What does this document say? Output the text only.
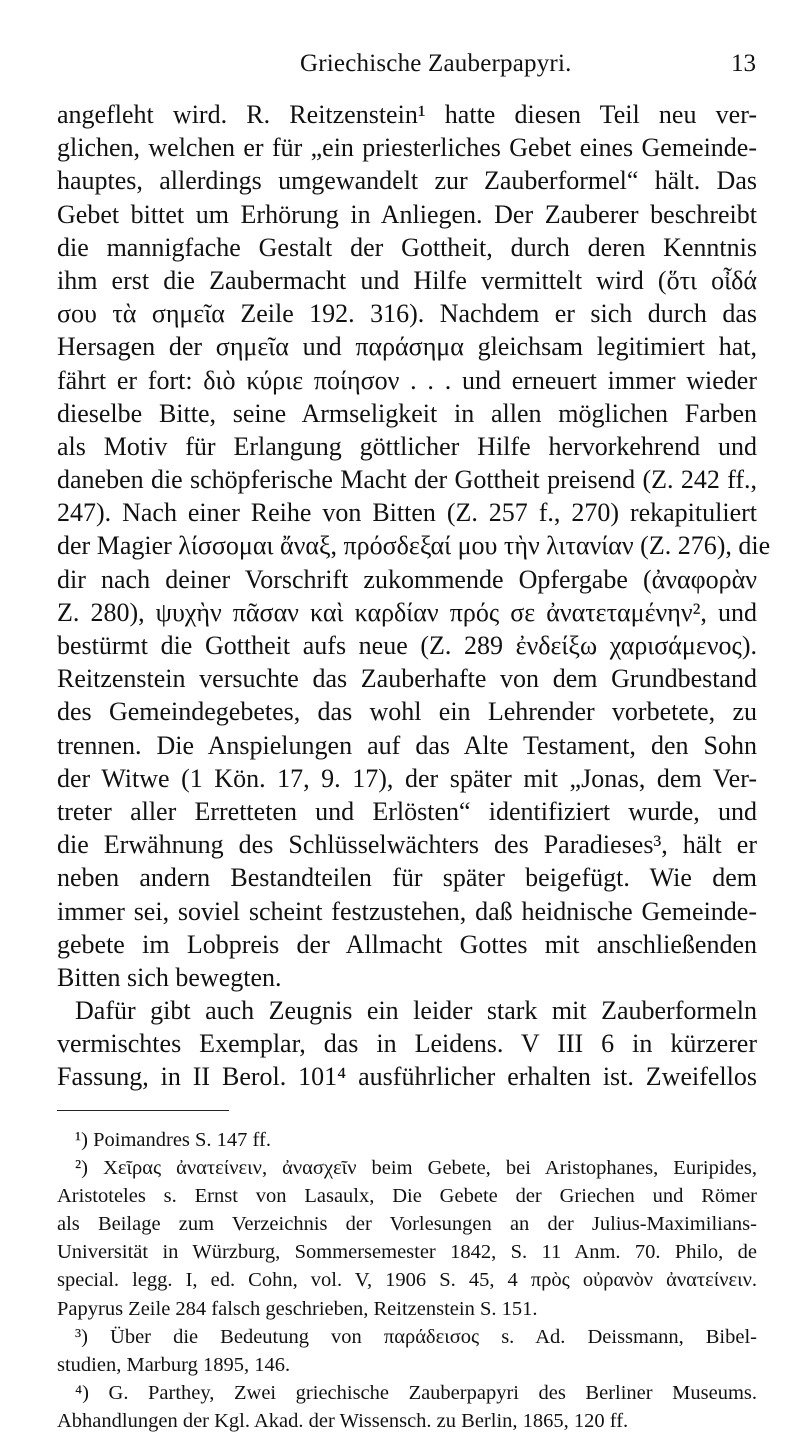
Griechische Zauberpapyri.	13
angefleht wird. R. Reitzenstein¹ hatte diesen Teil neu ver-
glichen, welchen er für „ein priesterliches Gebet eines Gemeinde-
hauptes, allerdings umgewandelt zur Zauberformel“ hält. Das
Gebet bittet um Erhörung in Anliegen. Der Zauberer beschreibt
die mannigfache Gestalt der Gottheit, durch deren Kenntnis
ihm erst die Zaubermacht und Hilfe vermittelt wird (ὅτι οἶδά
σου τὰ σημεῖα Zeile 192. 316). Nachdem er sich durch das
Hersagen der σημεῖα und παράσημα gleichsam legitimiert hat,
fährt er fort: διὸ κύριε ποίησον . . . und erneuert immer wieder
dieselbe Bitte, seine Armseligkeit in allen möglichen Farben
als Motiv für Erlangung göttlicher Hilfe hervorkehrend und
daneben die schöpferische Macht der Gottheit preisend (Z. 242 ff.,
247). Nach einer Reihe von Bitten (Z. 257 f., 270) rekapituliert
der Magier λίσσομαι ἄναξ, πρόσδεξαί μου τὴν λιτανίαν (Z. 276), die
dir nach deiner Vorschrift zukommende Opfergabe (ἀναφορὰν
Z. 280), ψυχὴν πᾶσαν καὶ καρδίαν πρός σε ἀνατεταμένην², und
bestürmt die Gottheit aufs neue (Z. 289 ἐνδείξω χαρισάμενος).
Reitzenstein versuchte das Zauberhafte von dem Grundbestand
des Gemeindegebetes, das wohl ein Lehrender vorbetete, zu
trennen. Die Anspielungen auf das Alte Testament, den Sohn
der Witwe (1 Kön. 17, 9. 17), der später mit „Jonas, dem Ver-
treter aller Erretteten und Erlösten“ identifiziert wurde, und
die Erwähnung des Schlüsselwächters des Paradieses³, hält er
neben andern Bestandteilen für später beigefügt. Wie dem
immer sei, soviel scheint festzustehen, daß heidnische Gemeinde-
gebete im Lobpreis der Allmacht Gottes mit anschließenden
Bitten sich bewegten.
Dafür gibt auch Zeugnis ein leider stark mit Zauberformeln
vermischtes Exemplar, das in Leidens. V III 6 in kürzerer
Fassung, in II Berol. 101⁴ ausführlicher erhalten ist. Zweifellos
¹) Poimandres S. 147 ff.
²) Χεῖρας ἀνατείνειν, ἀνασχεῖν beim Gebete, bei Aristophanes, Euripides,
Aristoteles s. Ernst von Lasaulx, Die Gebete der Griechen und Römer
als Beilage zum Verzeichnis der Vorlesungen an der Julius-Maximilians-
Universität in Würzburg, Sommersemester 1842, S. 11 Anm. 70. Philo, de
special. legg. I, ed. Cohn, vol. V, 1906 S. 45, 4 πρὸς οὐρανὸν ἀνατείνειν.
Papyrus Zeile 284 falsch geschrieben, Reitzenstein S. 151.
³) Über die Bedeutung von παράδεισος s. Ad. Deissmann, Bibel-
studien, Marburg 1895, 146.
⁴) G. Parthey, Zwei griechische Zauberpapyri des Berliner Museums.
Abhandlungen der Kgl. Akad. der Wissensch. zu Berlin, 1865, 120 ff.
